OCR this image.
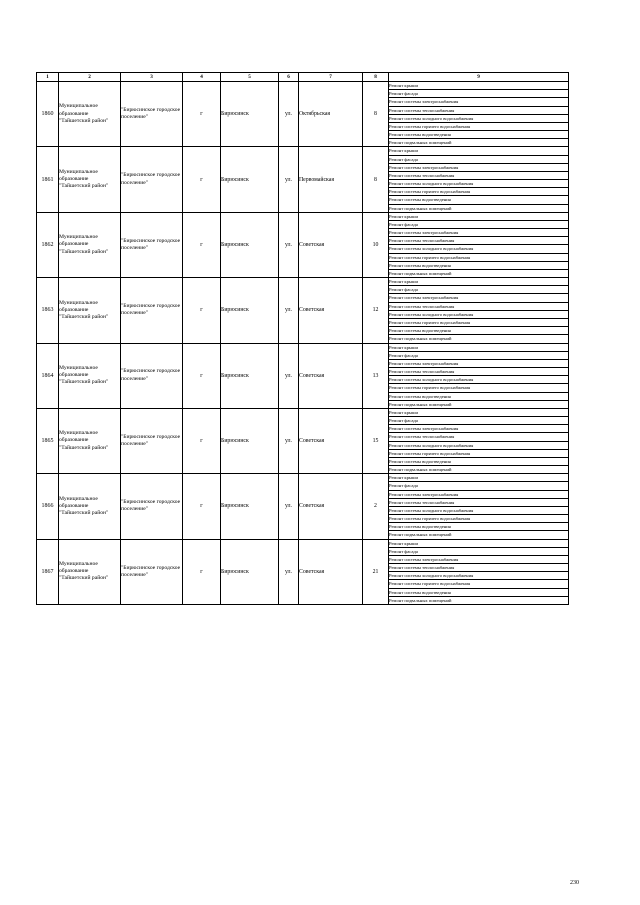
1	2	3	4	5	6	7	8	9
1860	Муниципальное образование "Тайшетский район"	"Бирюсинское городское поселение"	г	Бирюсинск	ул.	Октябрьская	8	Ремонт крыши
								Ремонт фасада
								Ремонт системы электроснабжения
								Ремонт системы теплоснабжения
								Ремонт системы холодного водоснабжения
								Ремонт системы горячего водоснабжения
								Ремонт системы водоотведения
								Ремонт подвальных помещений
1861	Муниципальное образование "Тайшетский район"	"Бирюсинское городское поселение"	г	Бирюсинск	ул.	Первомайская	8	Ремонт крыши
								Ремонт фасада
								Ремонт системы электроснабжения
								Ремонт системы теплоснабжения
								Ремонт системы холодного водоснабжения
								Ремонт системы горячего водоснабжения
								Ремонт системы водоотведения
								Ремонт подвальных помещений
1862	Муниципальное образование "Тайшетский район"	"Бирюсинское городское поселение"	г	Бирюсинск	ул.	Советская	10	Ремонт крыши
								Ремонт фасада
								Ремонт системы электроснабжения
								Ремонт системы теплоснабжения
								Ремонт системы холодного водоснабжения
								Ремонт системы горячего водоснабжения
								Ремонт системы водоотведения
								Ремонт подвальных помещений
1863	Муниципальное образование "Тайшетский район"	"Бирюсинское городское поселение"	г	Бирюсинск	ул.	Советская	12	Ремонт крыши
								Ремонт фасада
								Ремонт системы электроснабжения
								Ремонт системы теплоснабжения
								Ремонт системы холодного водоснабжения
								Ремонт системы горячего водоснабжения
								Ремонт системы водоотведения
								Ремонт подвальных помещений
1864	Муниципальное образование "Тайшетский район"	"Бирюсинское городское поселение"	г	Бирюсинск	ул.	Советская	13	Ремонт крыши
								Ремонт фасада
								Ремонт системы электроснабжения
								Ремонт системы теплоснабжения
								Ремонт системы холодного водоснабжения
								Ремонт системы горячего водоснабжения
								Ремонт системы водоотведения
								Ремонт подвальных помещений
1865	Муниципальное образование "Тайшетский район"	"Бирюсинское городское поселение"	г	Бирюсинск	ул.	Советская	15	Ремонт крыши
								Ремонт фасада
								Ремонт системы электроснабжения
								Ремонт системы теплоснабжения
								Ремонт системы холодного водоснабжения
								Ремонт системы горячего водоснабжения
								Ремонт системы водоотведения
								Ремонт подвальных помещений
1866	Муниципальное образование "Тайшетский район"	"Бирюсинское городское поселение"	г	Бирюсинск	ул.	Советская	2	Ремонт крыши
								Ремонт фасада
								Ремонт системы электроснабжения
								Ремонт системы теплоснабжения
								Ремонт системы холодного водоснабжения
								Ремонт системы горячего водоснабжения
								Ремонт системы водоотведения
								Ремонт подвальных помещений
1867	Муниципальное образование "Тайшетский район"	"Бирюсинское городское поселение"	г	Бирюсинск	ул.	Советская	21	Ремонт крыши
								Ремонт фасада
								Ремонт системы электроснабжения
								Ремонт системы теплоснабжения
								Ремонт системы холодного водоснабжения
								Ремонт системы горячего водоснабжения
								Ремонт системы водоотведения
								Ремонт подвальных помещений
230
